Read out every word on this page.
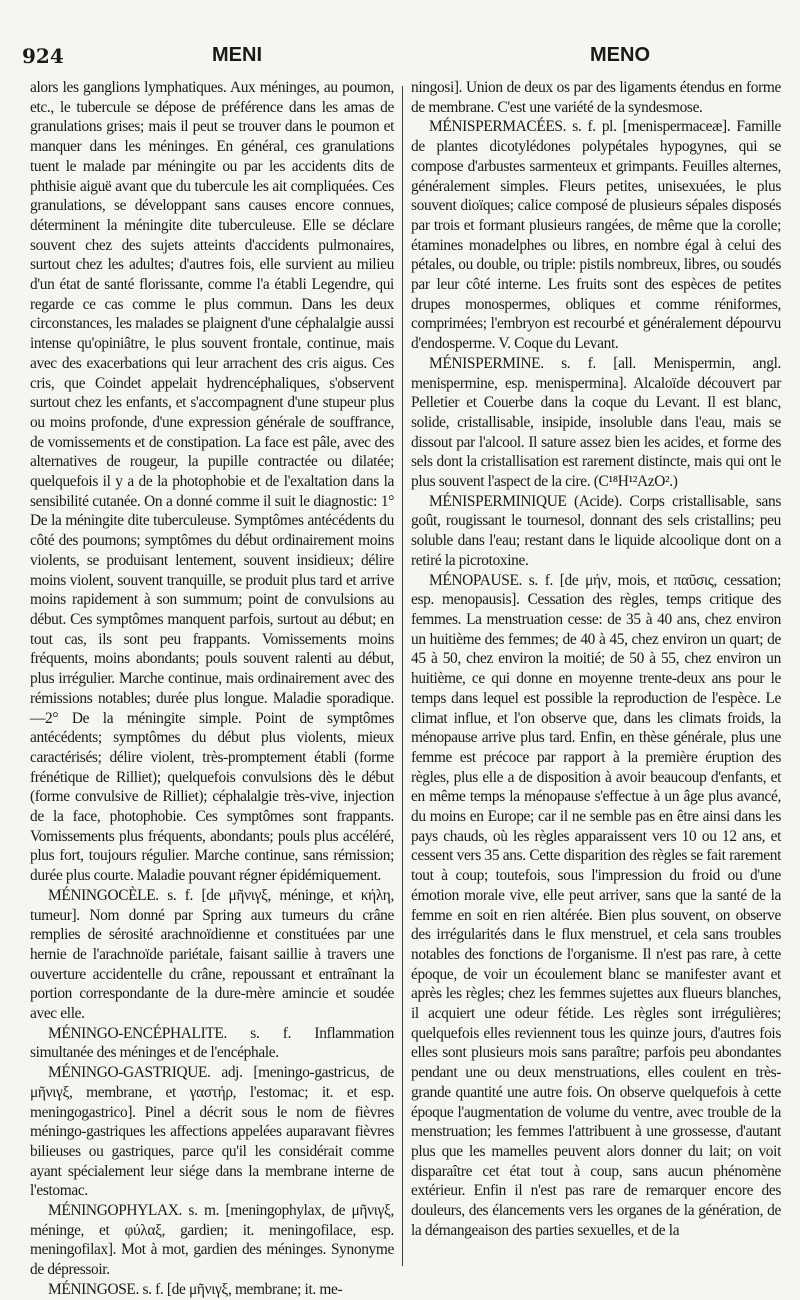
924	MENI	MENO

alors les ganglions lymphatiques. Aux méninges, au poumon, etc., le tubercule se dépose de préférence dans les amas de granulations grises; mais il peut se trouver dans le poumon et manquer dans les méninges. En général, ces granulations tuent le malade par méningite ou par les accidents dits de phthisie aiguë avant que du tubercule les ait compliquées. Ces granulations, se développant sans causes encore connues, déterminent la méningite dite tuberculeuse. Elle se déclare souvent chez des sujets atteints d'accidents pulmonaires, surtout chez les adultes; d'autres fois, elle survient au milieu d'un état de santé florissante, comme l'a établi Legendre, qui regarde ce cas comme le plus commun. Dans les deux circonstances, les malades se plaignent d'une céphalalgie aussi intense qu'opiniâtre, le plus souvent frontale, continue, mais avec des exacerbations qui leur arrachent des cris aigus. Ces cris, que Coindet appelait hydrencéphaliques, s'observent surtout chez les enfants, et s'accompagnent d'une stupeur plus ou moins profonde, d'une expression générale de souffrance, de vomissements et de constipation. La face est pâle, avec des alternatives de rougeur, la pupille contractée ou dilatée; quelquefois il y a de la photophobie et de l'exaltation dans la sensibilité cutanée. On a donné comme il suit le diagnostic: 1° De la méningite dite tuberculeuse. Symptômes antécédents du côté des poumons; symptômes du début ordinairement moins violents, se produisant lentement, souvent insidieux; délire moins violent, souvent tranquille, se produit plus tard et arrive moins rapidement à son summum; point de convulsions au début. Ces symptômes manquent parfois, surtout au début; en tout cas, ils sont peu frappants. Vomissements moins fréquents, moins abondants; pouls souvent ralenti au début, plus irrégulier. Marche continue, mais ordinairement avec des rémissions notables; durée plus longue. Maladie sporadique.—2° De la méningite simple. Point de symptômes antécédents; symptômes du début plus violents, mieux caractérisés; délire violent, très-promptement établi (forme frénétique de Rilliet); quelquefois convulsions dès le début (forme convulsive de Rilliet); céphalalgie très-vive, injection de la face, photophobie. Ces symptômes sont frappants. Vomissements plus fréquents, abondants; pouls plus accéléré, plus fort, toujours régulier. Marche continue, sans rémission; durée plus courte. Maladie pouvant régner épidémiquement.

MÉNINGOCÈLE. s. f. [de μῆνιγξ, méninge, et κήλη, tumeur]. Nom donné par Spring aux tumeurs du crâne remplies de sérosité arachnoïdienne et constituées par une hernie de l'arachnoïde pariétale, faisant saillie à travers une ouverture accidentelle du crâne, repoussant et entraînant la portion correspondante de la dure-mère amincie et soudée avec elle.

MÉNINGO-ENCÉPHALITE. s. f. Inflammation simultanée des méninges et de l'encéphale.

MÉNINGO-GASTRIQUE. adj. [meningo-gastricus, de μῆνιγξ, membrane, et γαστήρ, l'estomac; it. et esp. meningogastrico]. Pinel a décrit sous le nom de fièvres méningo-gastriques les affections appelées auparavant fièvres bilieuses ou gastriques, parce qu'il les considérait comme ayant spécialement leur siége dans la membrane interne de l'estomac.

MÉNINGOPHYLAX. s. m. [meningophylax, de μῆνιγξ, méninge, et φύλαξ, gardien; it. meningofilace, esp. meningofilax]. Mot à mot, gardien des méninges. Synonyme de dépressoir.

MÉNINGOSE. s. f. [de μῆνιγξ, membrane; it. me-

ningosi]. Union de deux os par des ligaments étendus en forme de membrane. C'est une variété de la syndesmose.

MÉNISPERMACÉES. s. f. pl. [menispermaceæ]. Famille de plantes dicotylédones polypétales hypogynes, qui se compose d'arbustes sarmenteux et grimpants. Feuilles alternes, généralement simples. Fleurs petites, unisexuées, le plus souvent dioïques; calice composé de plusieurs sépales disposés par trois et formant plusieurs rangées, de même que la corolle; étamines monadelphes ou libres, en nombre égal à celui des pétales, ou double, ou triple: pistils nombreux, libres, ou soudés par leur côté interne. Les fruits sont des espèces de petites drupes monospermes, obliques et comme réniformes, comprimées; l'embryon est recourbé et généralement dépourvu d'endosperme. V. Coque du Levant.

MÉNISPERMINE. s. f. [all. Menispermin, angl. menispermine, esp. menispermina]. Alcaloïde découvert par Pelletier et Couerbe dans la coque du Levant. Il est blanc, solide, cristallisable, insipide, insoluble dans l'eau, mais se dissout par l'alcool. Il sature assez bien les acides, et forme des sels dont la cristallisation est rarement distincte, mais qui ont le plus souvent l'aspect de la cire. (C¹⁸H¹²AzO².)

MÉNISPERMINIQUE (Acide). Corps cristallisable, sans goût, rougissant le tournesol, donnant des sels cristallins; peu soluble dans l'eau; restant dans le liquide alcoolique dont on a retiré la picrotoxine.

MÉNOPAUSE. s. f. [de μήν, mois, et παῦσις, cessation; esp. menopausis]. Cessation des règles, temps critique des femmes. La menstruation cesse: de 35 à 40 ans, chez environ un huitième des femmes; de 40 à 45, chez environ un quart; de 45 à 50, chez environ la moitié; de 50 à 55, chez environ un huitième, ce qui donne en moyenne trente-deux ans pour le temps dans lequel est possible la reproduction de l'espèce. Le climat influe, et l'on observe que, dans les climats froids, la ménopause arrive plus tard. Enfin, en thèse générale, plus une femme est précoce par rapport à la première éruption des règles, plus elle a de disposition à avoir beaucoup d'enfants, et en même temps la ménopause s'effectue à un âge plus avancé, du moins en Europe; car il ne semble pas en être ainsi dans les pays chauds, où les règles apparaissent vers 10 ou 12 ans, et cessent vers 35 ans. Cette disparition des règles se fait rarement tout à coup; toutefois, sous l'impression du froid ou d'une émotion morale vive, elle peut arriver, sans que la santé de la femme en soit en rien altérée. Bien plus souvent, on observe des irrégularités dans le flux menstruel, et cela sans troubles notables des fonctions de l'organisme. Il n'est pas rare, à cette époque, de voir un écoulement blanc se manifester avant et après les règles; chez les femmes sujettes aux flueurs blanches, il acquiert une odeur fétide. Les règles sont irrégulières; quelquefois elles reviennent tous les quinze jours, d'autres fois elles sont plusieurs mois sans paraître; parfois peu abondantes pendant une ou deux menstruations, elles coulent en très-grande quantité une autre fois. On observe quelquefois à cette époque l'augmentation de volume du ventre, avec trouble de la menstruation; les femmes l'attribuent à une grossesse, d'autant plus que les mamelles peuvent alors donner du lait; on voit disparaître cet état tout à coup, sans aucun phénomène extérieur. Enfin il n'est pas rare de remarquer encore des douleurs, des élancements vers les organes de la génération, de la démangeaison des parties sexuelles, et de la
